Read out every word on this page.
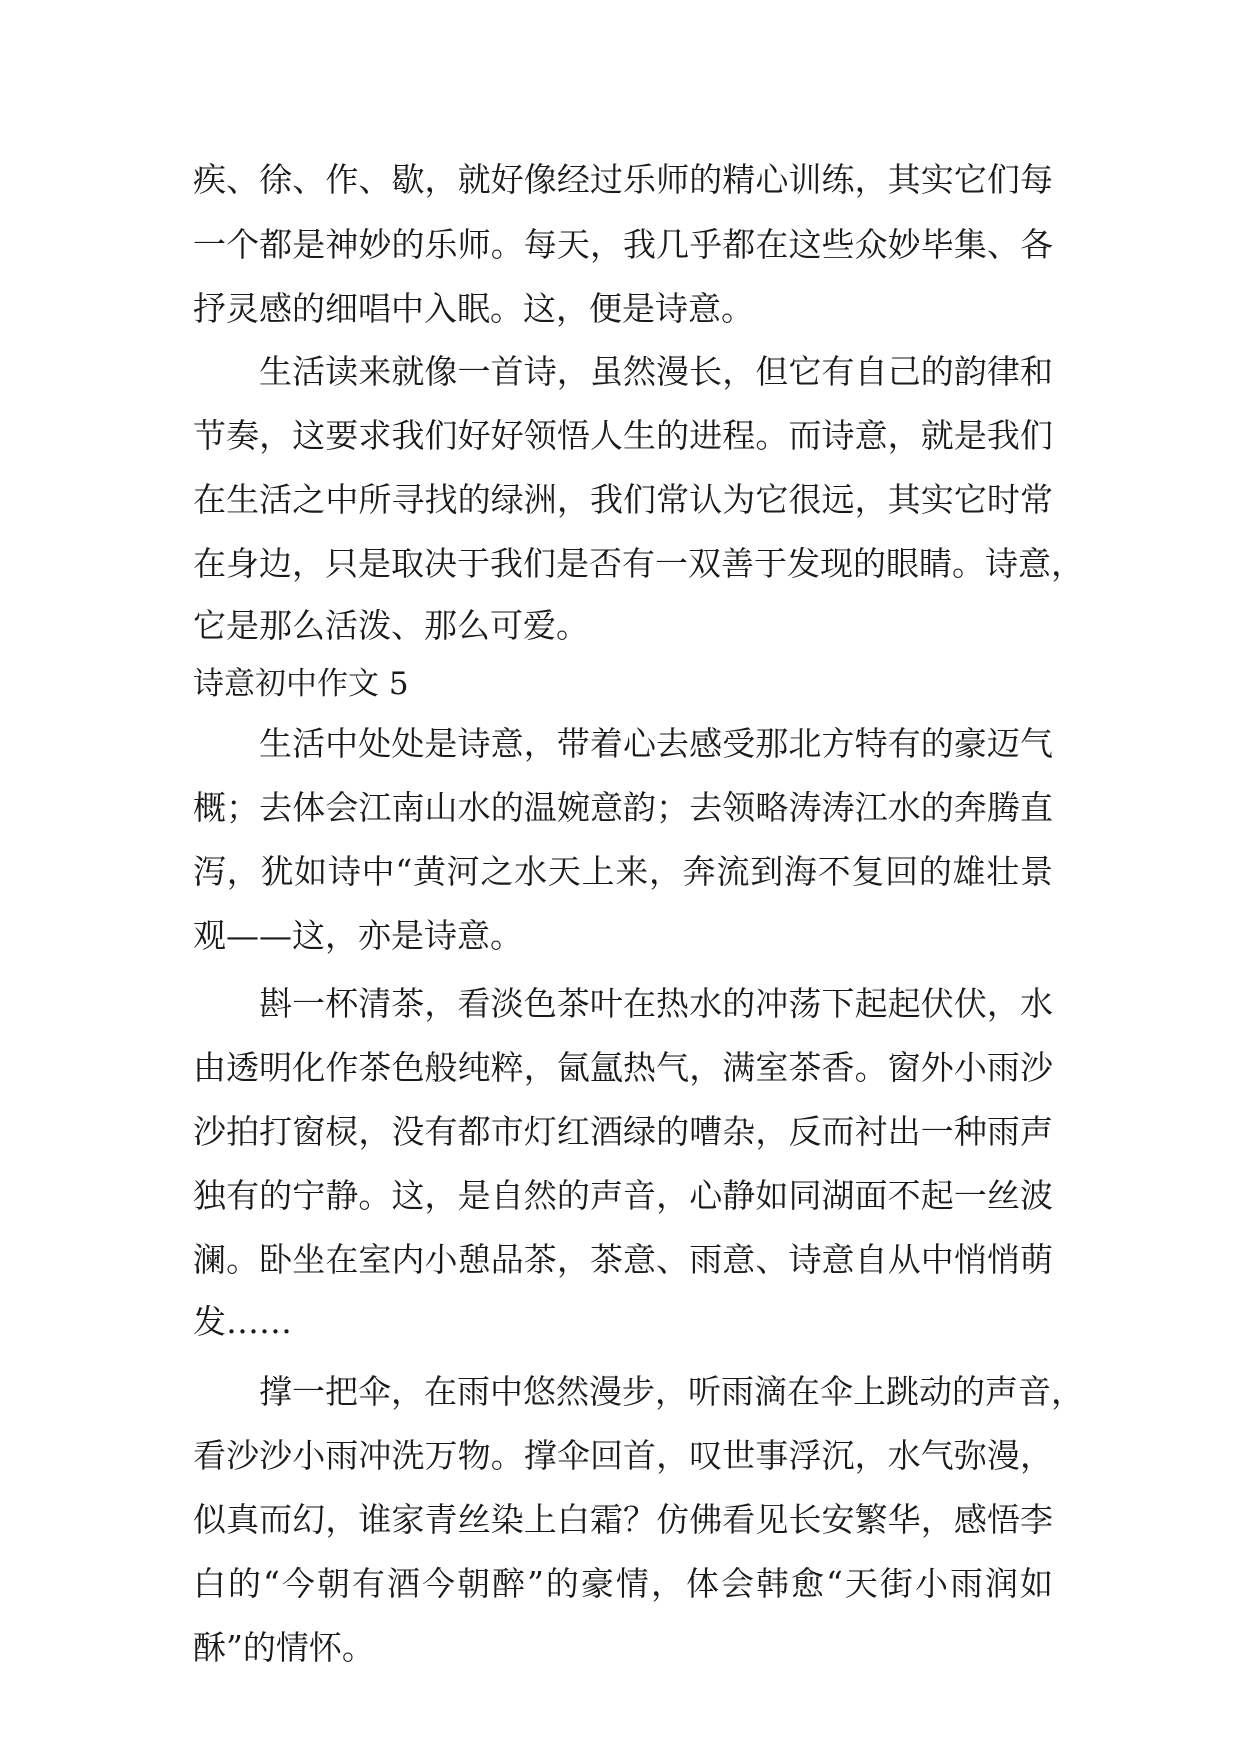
疾、徐、作、歇，就好像经过乐师的精心训练，其实它们每
一个都是神妙的乐师。每天，我几乎都在这些众妙毕集、各
抒灵感的细唱中入眠。这，便是诗意。
生活读来就像一首诗，虽然漫长，但它有自己的韵律和
节奏，这要求我们好好领悟人生的进程。而诗意，就是我们
在生活之中所寻找的绿洲，我们常认为它很远，其实它时常
在身边，只是取决于我们是否有一双善于发现的眼睛。诗意，
它是那么活泼、那么可爱。
诗意初中作文 5
生活中处处是诗意，带着心去感受那北方特有的豪迈气
概；去体会江南山水的温婉意韵；去领略涛涛江水的奔腾直
泻，犹如诗中“黄河之水天上来，奔流到海不复回的雄壮景
观——这，亦是诗意。
斟一杯清茶，看淡色茶叶在热水的冲荡下起起伏伏，水
由透明化作茶色般纯粹，氤氲热气，满室茶香。窗外小雨沙
沙拍打窗棂，没有都市灯红酒绿的嘈杂，反而衬出一种雨声
独有的宁静。这，是自然的声音，心静如同湖面不起一丝波
澜。卧坐在室内小憩品茶，茶意、雨意、诗意自从中悄悄萌
发……
撑一把伞，在雨中悠然漫步，听雨滴在伞上跳动的声音，
看沙沙小雨冲洗万物。撑伞回首，叹世事浮沉，水气弥漫，
似真而幻，谁家青丝染上白霜？仿佛看见长安繁华，感悟李
白的“今朝有酒今朝醉”的豪情，体会韩愈“天街小雨润如
酥”的情怀。
